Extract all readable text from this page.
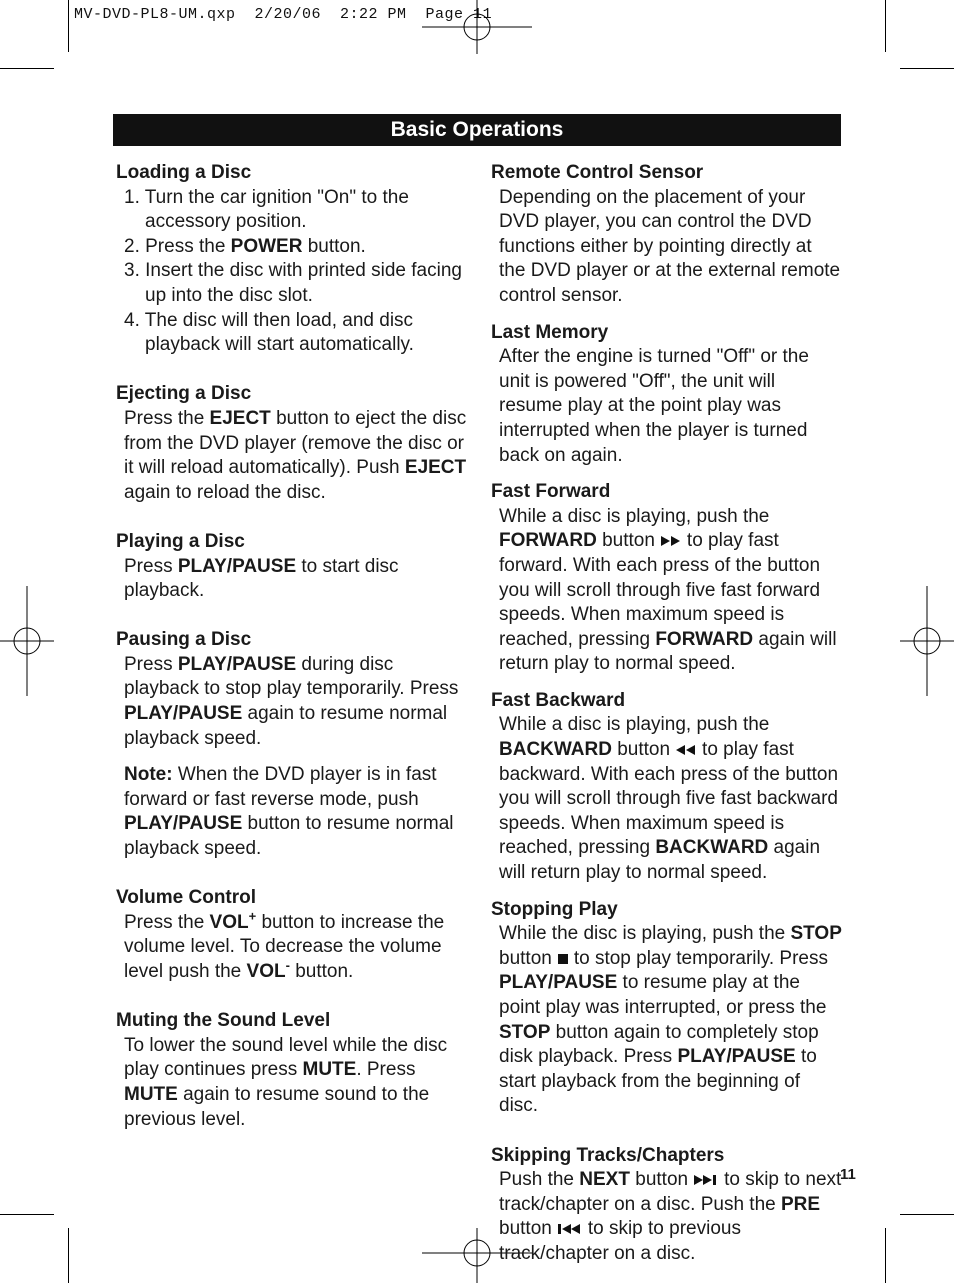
MV-DVD-PL8-UM.qxp  2/20/06  2:22 PM  Page 11
Basic Operations

Loading a Disc

1. Turn the car ignition "On" to the accessory position.
2. Press the POWER button.
3. Insert the disc with printed side facing up into the disc slot.
4. The disc will then load, and disc playback will start automatically.

Ejecting a Disc

Press the EJECT button to eject the disc from the DVD player (remove the disc or it will reload automatically). Push EJECT again to reload the disc.

Playing a Disc

Press PLAY/PAUSE to start disc playback.

Pausing a Disc

Press PLAY/PAUSE during disc playback to stop play temporarily. Press PLAY/PAUSE again to resume normal playback speed.

Note: When the DVD player is in fast forward or fast reverse mode, push PLAY/PAUSE button to resume normal playback speed.

Volume Control

Press the VOL+ button to increase the volume level. To decrease the volume level push the VOL- button.

Muting the Sound Level

To lower the sound level while the disc play continues press MUTE. Press MUTE again to resume sound to the previous level.

Remote Control Sensor

Depending on the placement of your DVD player, you can control the DVD functions either by pointing directly at the DVD player or at the external remote control sensor.

Last Memory

After the engine is turned "Off" or the unit is powered "Off", the unit will resume play at the point play was interrupted when the player is turned back on again.

Fast Forward

While a disc is playing, push the FORWARD button to play fast forward. With each press of the button you will scroll through five fast forward speeds. When maximum speed is reached, pressing FORWARD again will return play to normal speed.

Fast Backward

While a disc is playing, push the BACKWARD button to play fast backward. With each press of the button you will scroll through five fast backward speeds. When maximum speed is reached, pressing BACKWARD again will return play to normal speed.

Stopping Play

While the disc is playing, push the STOP button to stop play temporarily. Press PLAY/PAUSE to resume play at the point play was interrupted, or press the STOP button again to completely stop disk playback. Press PLAY/PAUSE to start playback from the beginning of disc.

Skipping Tracks/Chapters

Push the NEXT button to skip to next track/chapter on a disc. Push the PRE button to skip to previous track/chapter on a disc.

11
